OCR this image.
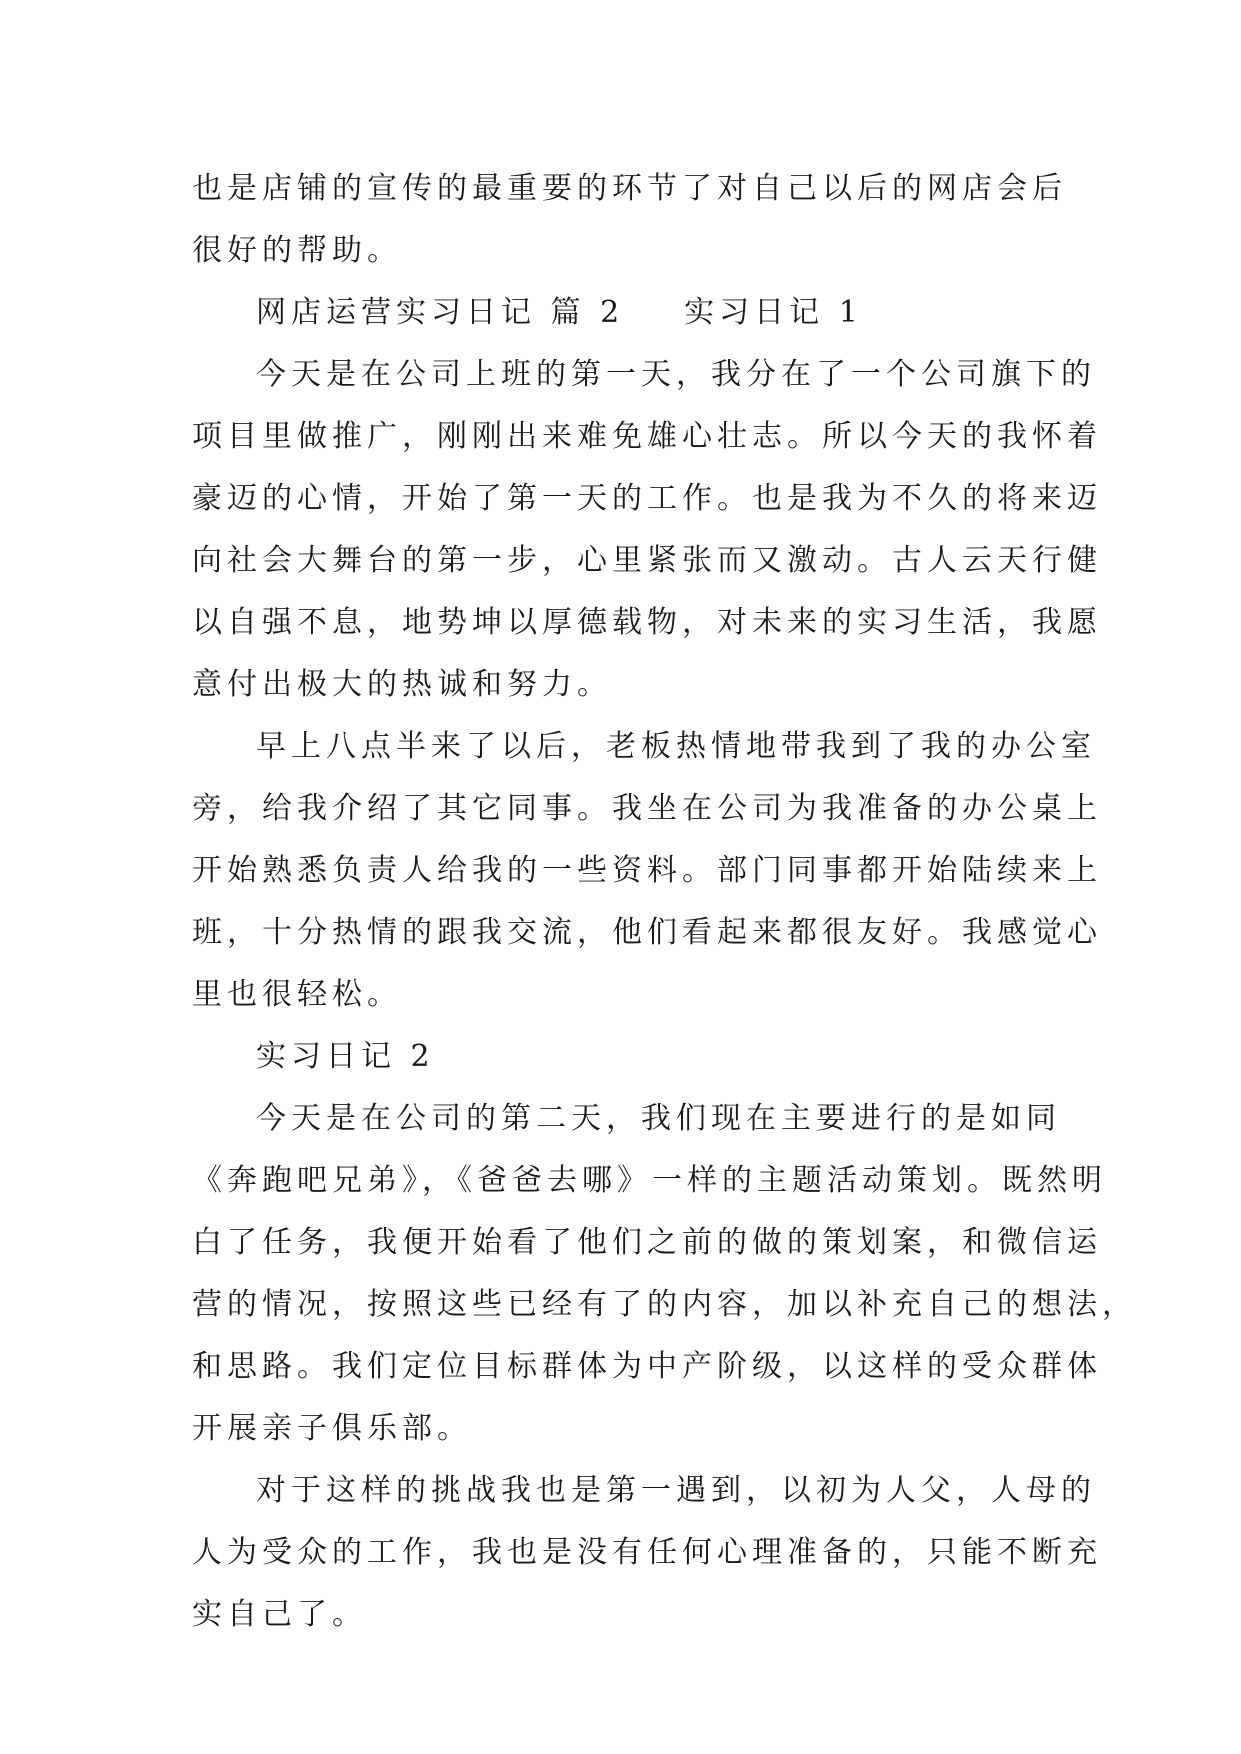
也是店铺的宣传的最重要的环节了对自己以后的网店会后
很好的帮助。
网店运营实习日记 篇 2 实习日记 1
今天是在公司上班的第一天，我分在了一个公司旗下的
项目里做推广，刚刚出来难免雄心壮志。所以今天的我怀着
豪迈的心情，开始了第一天的工作。也是我为不久的将来迈
向社会大舞台的第一步，心里紧张而又激动。古人云天行健
以自强不息，地势坤以厚德载物，对未来的实习生活，我愿
意付出极大的热诚和努力。
早上八点半来了以后，老板热情地带我到了我的办公室
旁，给我介绍了其它同事。我坐在公司为我准备的办公桌上
开始熟悉负责人给我的一些资料。部门同事都开始陆续来上
班，十分热情的跟我交流，他们看起来都很友好。我感觉心
里也很轻松。
实习日记 2
今天是在公司的第二天，我们现在主要进行的是如同
《奔跑吧兄弟》，《爸爸去哪》一样的主题活动策划。既然明
白了任务，我便开始看了他们之前的做的策划案，和微信运
营的情况，按照这些已经有了的内容，加以补充自己的想法，
和思路。我们定位目标群体为中产阶级，以这样的受众群体
开展亲子俱乐部。
对于这样的挑战我也是第一遇到，以初为人父，人母的
人为受众的工作，我也是没有任何心理准备的，只能不断充
实自己了。
